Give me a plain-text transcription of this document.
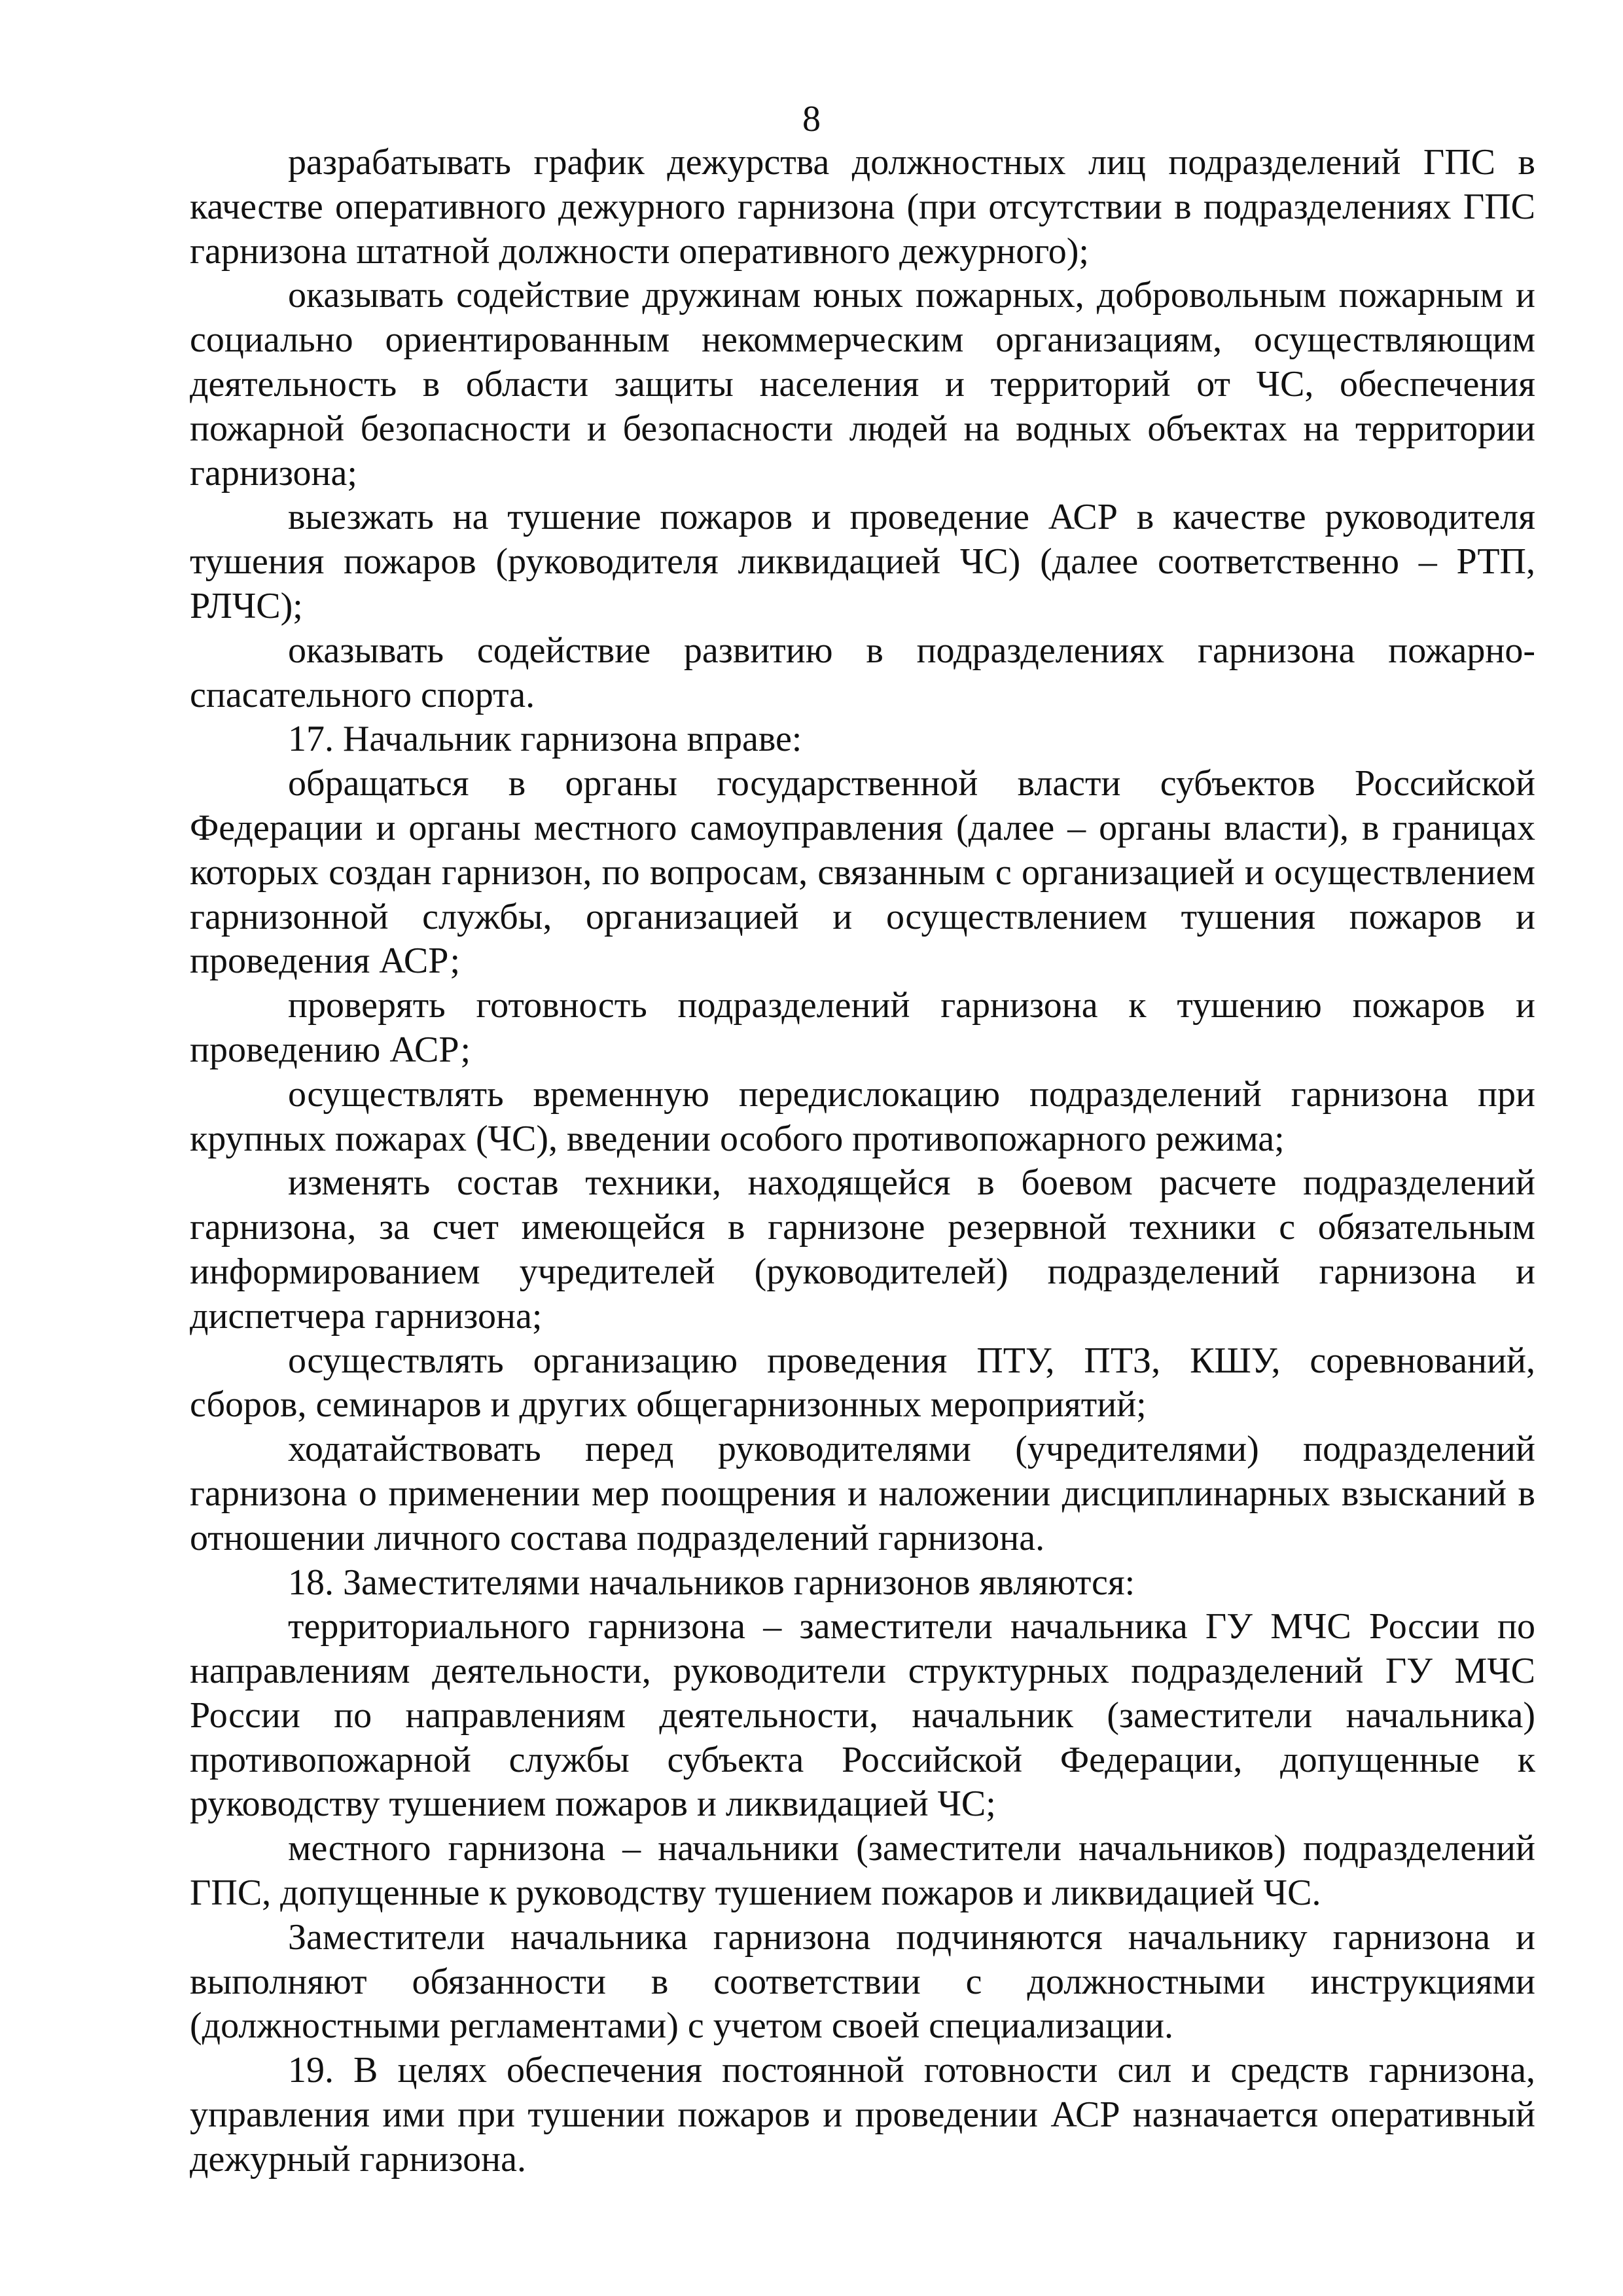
8

разрабатывать график дежурства должностных лиц подразделений ГПС в качестве оперативного дежурного гарнизона (при отсутствии в подразделениях ГПС гарнизона штатной должности оперативного дежурного);

оказывать содействие дружинам юных пожарных, добровольным пожарным и социально ориентированным некоммерческим организациям, осуществляющим деятельность в области защиты населения и территорий от ЧС, обеспечения пожарной безопасности и безопасности людей на водных объектах на территории гарнизона;

выезжать на тушение пожаров и проведение АСР в качестве руководителя тушения пожаров (руководителя ликвидацией ЧС) (далее соответственно – РТП, РЛЧС);

оказывать содействие развитию в подразделениях гарнизона пожарно-спасательного спорта.

17. Начальник гарнизона вправе:

обращаться в органы государственной власти субъектов Российской Федерации и органы местного самоуправления (далее – органы власти), в границах которых создан гарнизон, по вопросам, связанным с организацией и осуществлением гарнизонной службы, организацией и осуществлением тушения пожаров и проведения АСР;

проверять готовность подразделений гарнизона к тушению пожаров и проведению АСР;

осуществлять временную передислокацию подразделений гарнизона при крупных пожарах (ЧС), введении особого противопожарного режима;

изменять состав техники, находящейся в боевом расчете подразделений гарнизона, за счет имеющейся в гарнизоне резервной техники с обязательным информированием учредителей (руководителей) подразделений гарнизона и диспетчера гарнизона;

осуществлять организацию проведения ПТУ, ПТЗ, КШУ, соревнований, сборов, семинаров и других общегарнизонных мероприятий;

ходатайствовать перед руководителями (учредителями) подразделений гарнизона о применении мер поощрения и наложении дисциплинарных взысканий в отношении личного состава подразделений гарнизона.

18. Заместителями начальников гарнизонов являются:

территориального гарнизона – заместители начальника ГУ МЧС России по направлениям деятельности, руководители структурных подразделений ГУ МЧС России по направлениям деятельности, начальник (заместители начальника) противопожарной службы субъекта Российской Федерации, допущенные к руководству тушением пожаров и ликвидацией ЧС;

местного гарнизона – начальники (заместители начальников) подразделений ГПС, допущенные к руководству тушением пожаров и ликвидацией ЧС.

Заместители начальника гарнизона подчиняются начальнику гарнизона и выполняют обязанности в соответствии с должностными инструкциями (должностными регламентами) с учетом своей специализации.

19. В целях обеспечения постоянной готовности сил и средств гарнизона, управления ими при тушении пожаров и проведении АСР назначается оперативный дежурный гарнизона.
